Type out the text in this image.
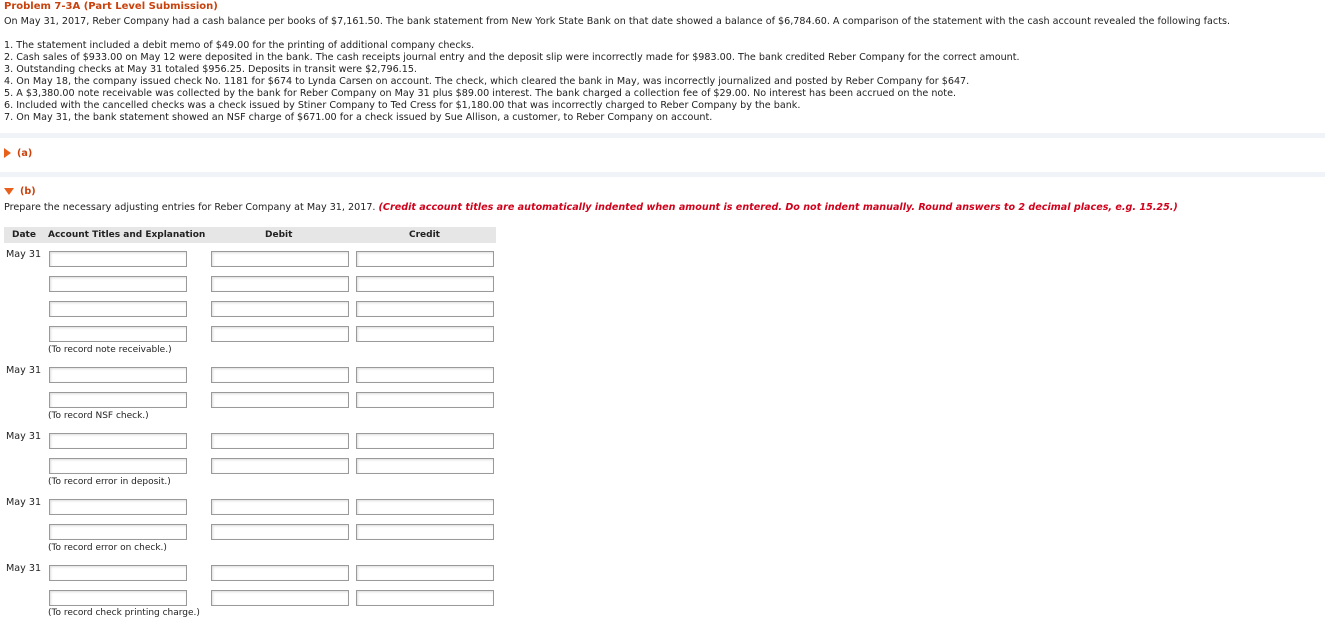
Problem 7-3A (Part Level Submission)
On May 31, 2017, Reber Company had a cash balance per books of $7,161.50. The bank statement from New York State Bank on that date showed a balance of $6,784.60. A comparison of the statement with the cash account revealed the following facts.
1. The statement included a debit memo of $49.00 for the printing of additional company checks.
2. Cash sales of $933.00 on May 12 were deposited in the bank. The cash receipts journal entry and the deposit slip were incorrectly made for $983.00. The bank credited Reber Company for the correct amount.
3. Outstanding checks at May 31 totaled $956.25. Deposits in transit were $2,796.15.
4. On May 18, the company issued check No. 1181 for $674 to Lynda Carsen on account. The check, which cleared the bank in May, was incorrectly journalized and posted by Reber Company for $647.
5. A $3,380.00 note receivable was collected by the bank for Reber Company on May 31 plus $89.00 interest. The bank charged a collection fee of $29.00. No interest has been accrued on the note.
6. Included with the cancelled checks was a check issued by Stiner Company to Ted Cress for $1,180.00 that was incorrectly charged to Reber Company by the bank.
7. On May 31, the bank statement showed an NSF charge of $671.00 for a check issued by Sue Allison, a customer, to Reber Company on account.
(a)
(b)
Prepare the necessary adjusting entries for Reber Company at May 31, 2017. (Credit account titles are automatically indented when amount is entered. Do not indent manually. Round answers to 2 decimal places, e.g. 15.25.)
Date Account Titles and Explanation	Debit	Credit
May 31
(To record note receivable.)
May 31
(To record NSF check.)
May 31
(To record error in deposit.)
May 31
(To record error on check.)
May 31
(To record check printing charge.)
